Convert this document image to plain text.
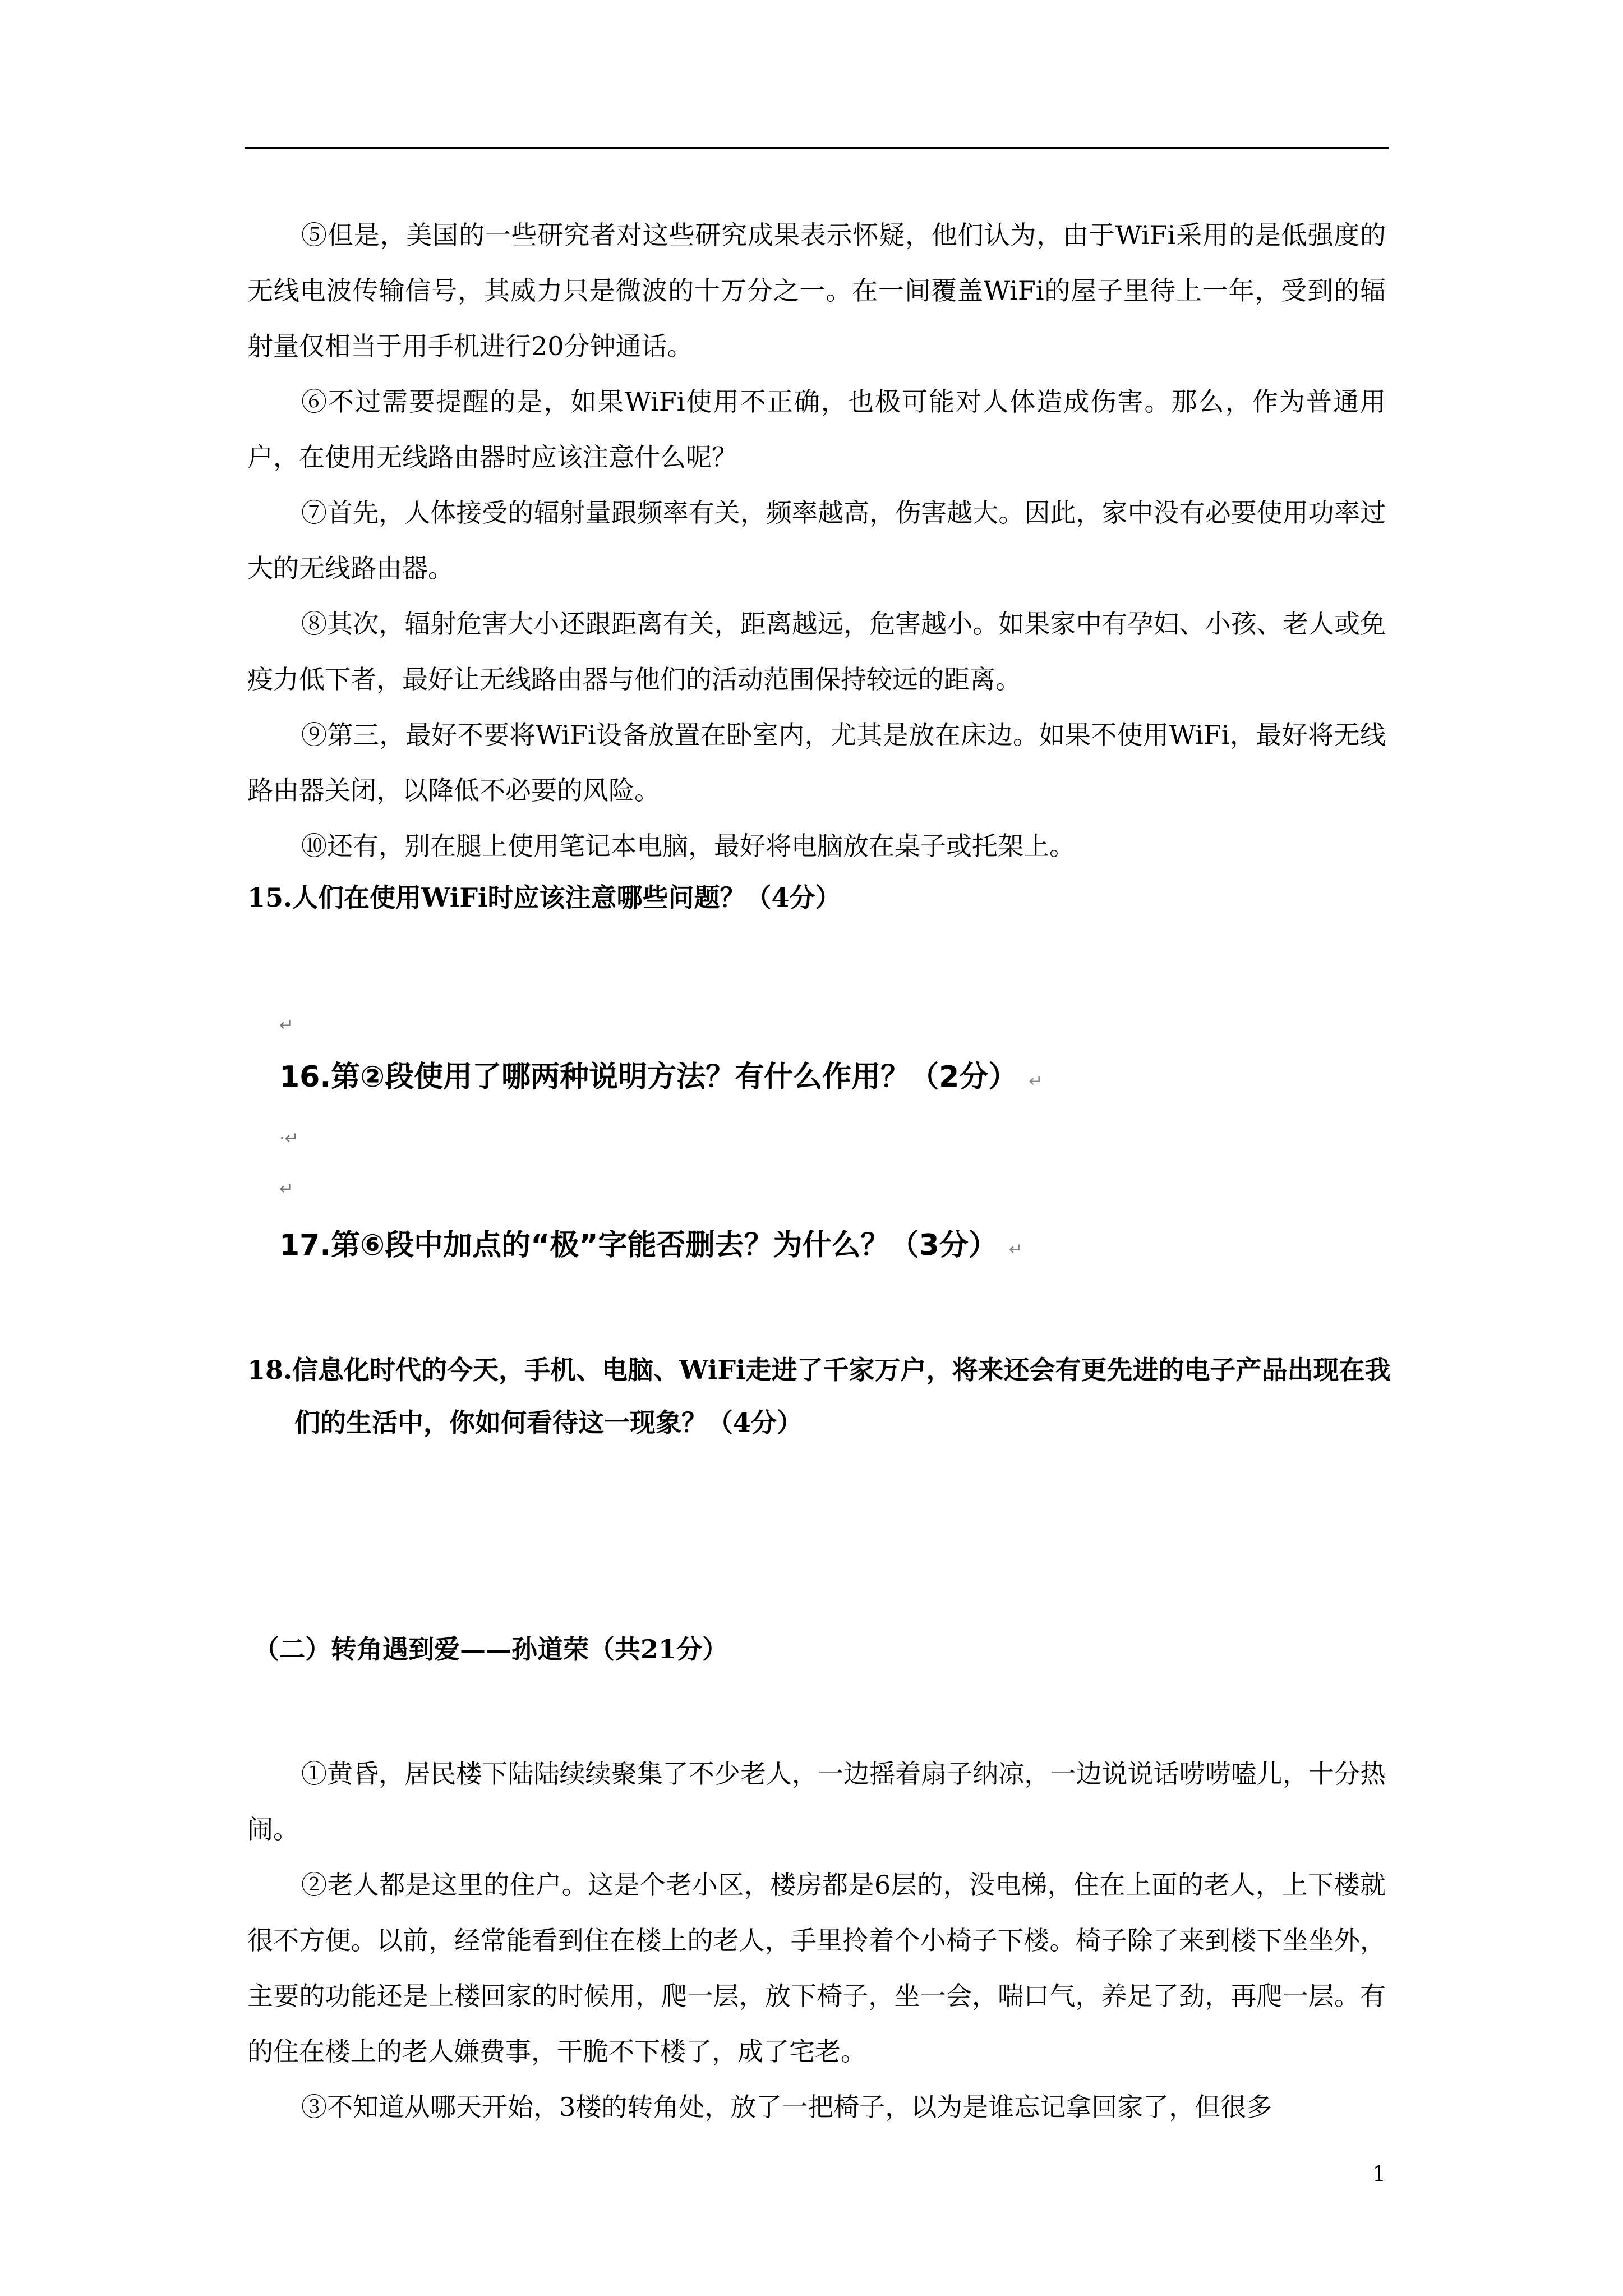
⑤但是，美国的一些研究者对这些研究成果表示怀疑，他们认为，由于WiFi采用的是低强度的无线电波传输信号，其威力只是微波的十万分之一。在一间覆盖WiFi的屋子里待上一年，受到的辐射量仅相当于用手机进行20分钟通话。

⑥不过需要提醒的是，如果WiFi使用不正确，也极可能对人体造成伤害。那么，作为普通用户，在使用无线路由器时应该注意什么呢？

⑦首先，人体接受的辐射量跟频率有关，频率越高，伤害越大。因此，家中没有必要使用功率过大的无线路由器。

⑧其次，辐射危害大小还跟距离有关，距离越远，危害越小。如果家中有孕妇、小孩、老人或免疫力低下者，最好让无线路由器与他们的活动范围保持较远的距离。

⑨第三，最好不要将WiFi设备放置在卧室内，尤其是放在床边。如果不使用WiFi，最好将无线路由器关闭，以降低不必要的风险。

⑩还有，别在腿上使用笔记本电脑，最好将电脑放在桌子或托架上。

15.人们在使用WiFi时应该注意哪些问题？（4分）

↵

16.第②段使用了哪两种说明方法？有什么作用？（2分） ↵

·↵
↵

17.第⑥段中加点的“极”字能否删去？为什么？（3分） ↵

18.信息化时代的今天，手机、电脑、WiFi走进了千家万户，将来还会有更先进的电子产品出现在我们的生活中，你如何看待这一现象？（4分）

（二）转角遇到爱——孙道荣（共21分）

①黄昏，居民楼下陆陆续续聚集了不少老人，一边摇着扇子纳凉，一边说说话唠唠嗑儿，十分热闹。

②老人都是这里的住户。这是个老小区，楼房都是6层的，没电梯，住在上面的老人，上下楼就很不方便。以前，经常能看到住在楼上的老人，手里拎着个小椅子下楼。椅子除了来到楼下坐坐外，主要的功能还是上楼回家的时候用，爬一层，放下椅子，坐一会，喘口气，养足了劲，再爬一层。有的住在楼上的老人嫌费事，干脆不下楼了，成了宅老。

③不知道从哪天开始，3楼的转角处，放了一把椅子，以为是谁忘记拿回家了，但很多

1
